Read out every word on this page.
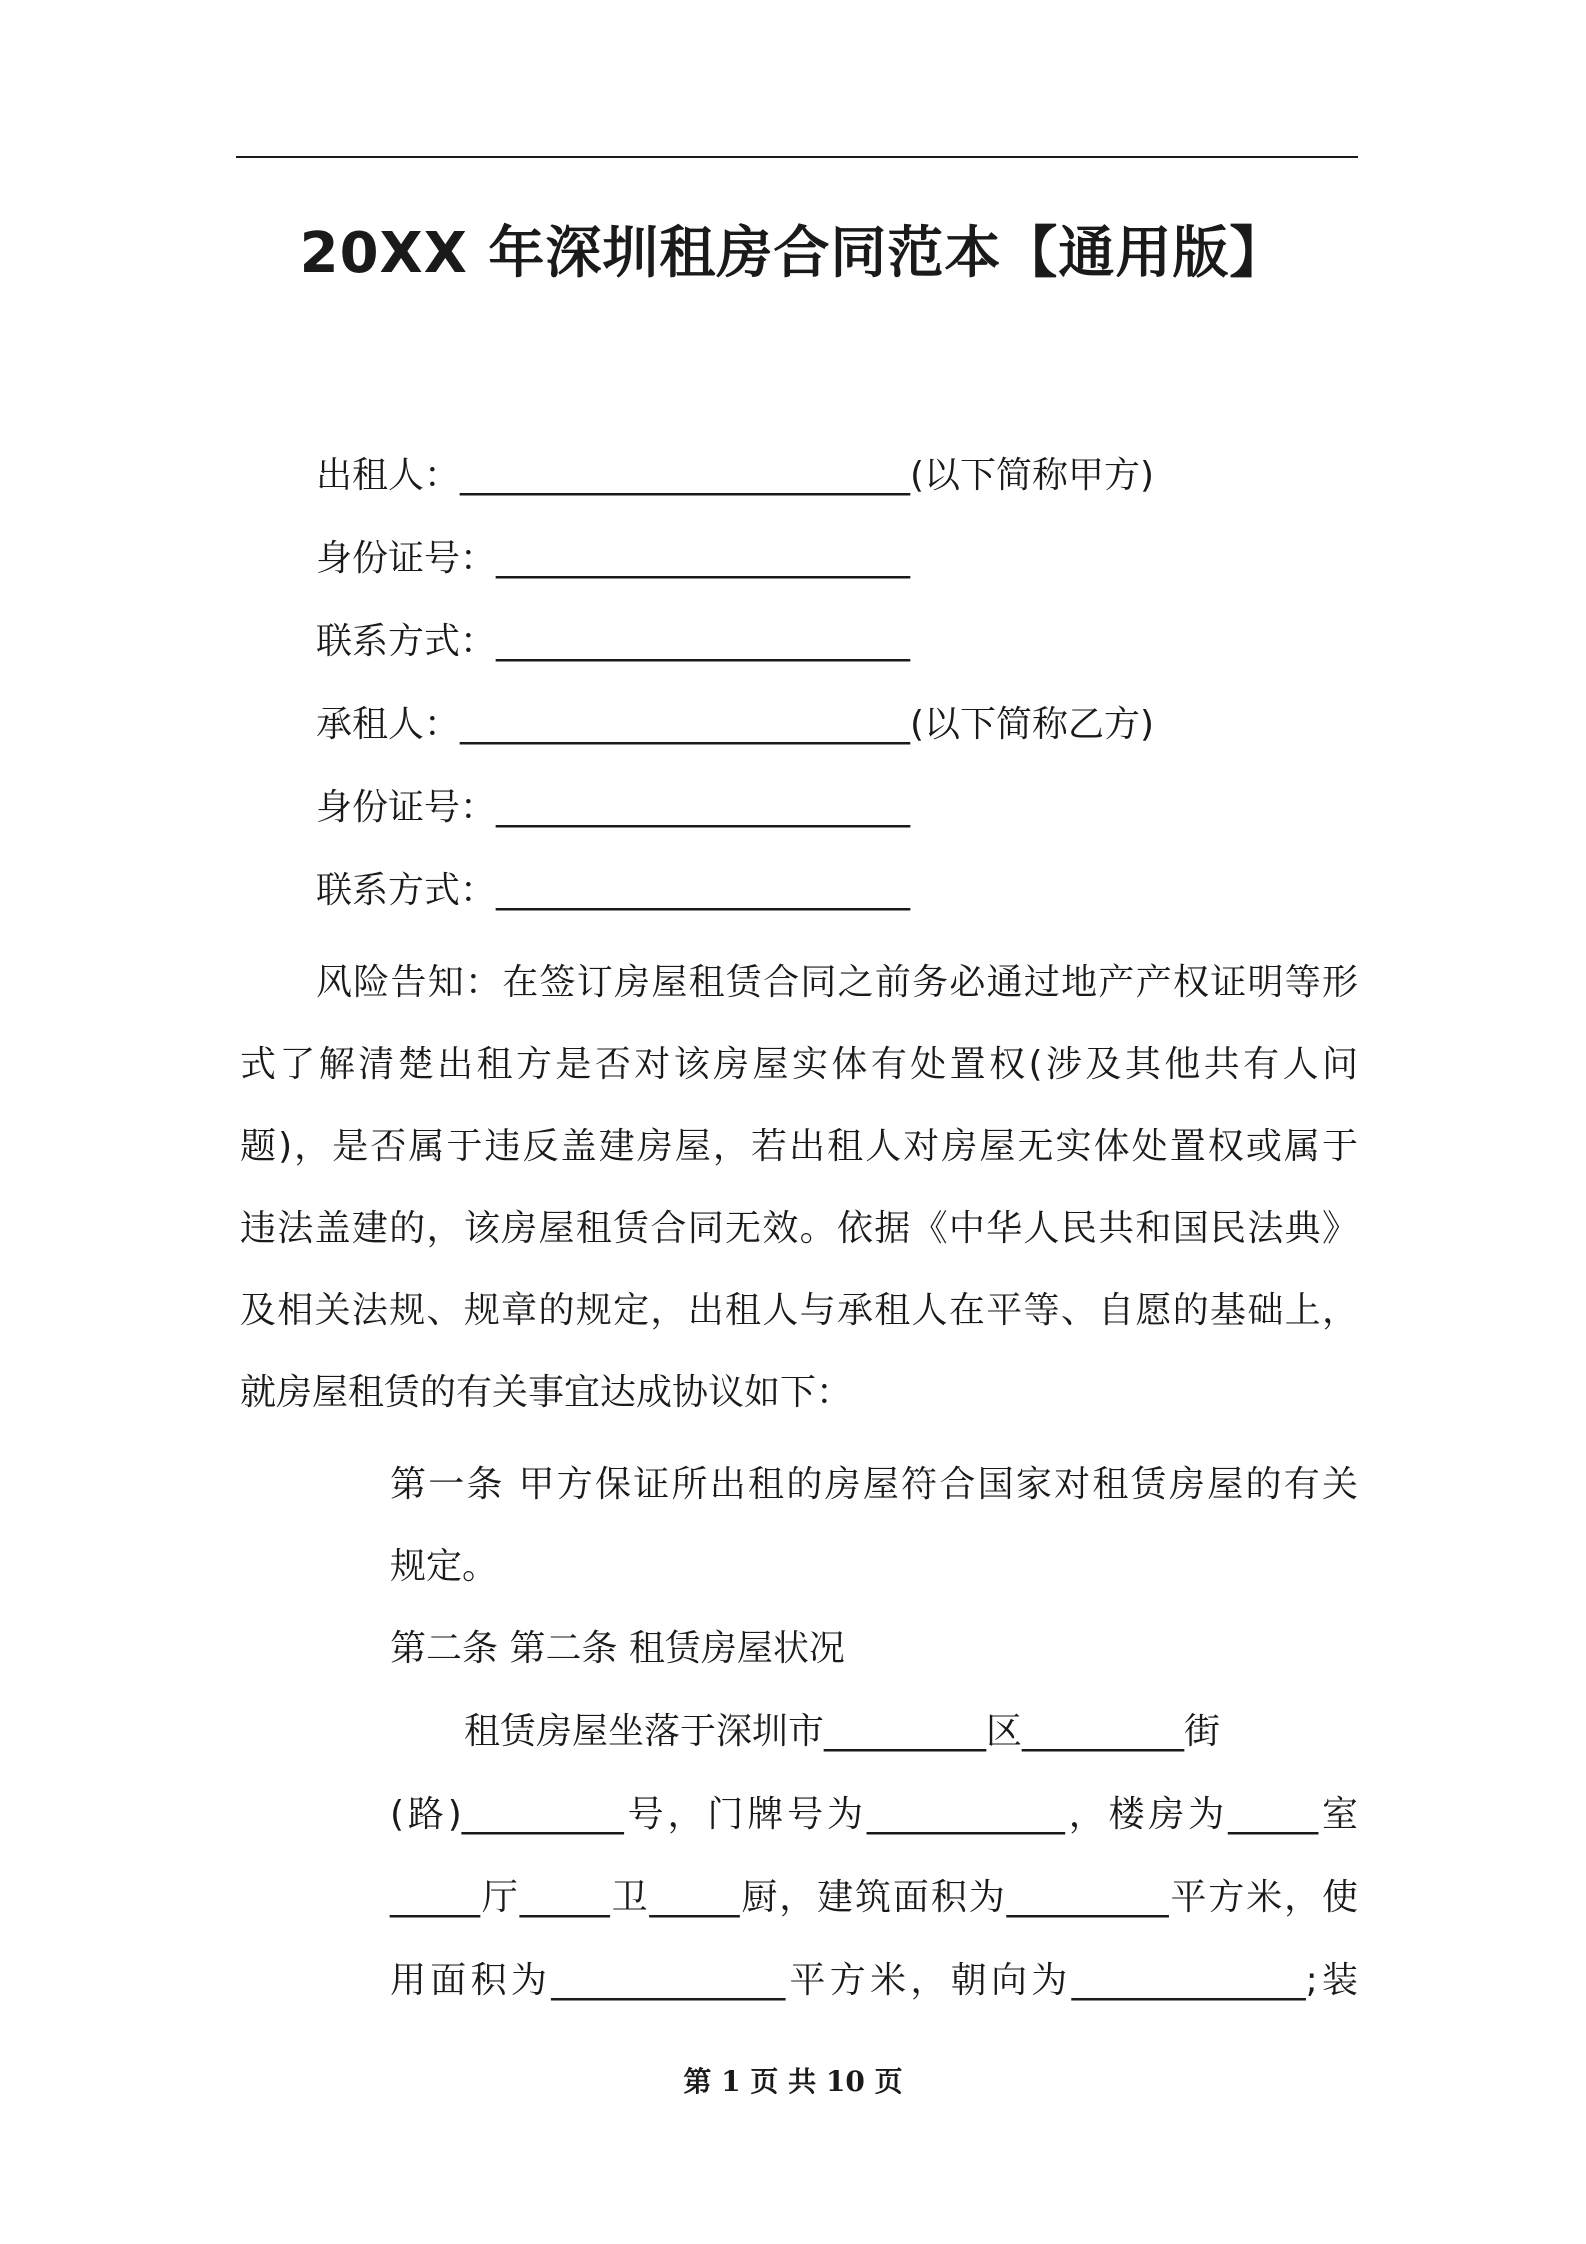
20XX 年深圳租房合同范本【通用版】
出租人：_________________________(以下简称甲方)
身份证号：_______________________
联系方式：_______________________
承租人：_________________________(以下简称乙方)
身份证号：_______________________
联系方式：_______________________
风险告知：在签订房屋租赁合同之前务必通过地产产权证明等形
式了解清楚出租方是否对该房屋实体有处置权(涉及其他共有人问
题)，是否属于违反盖建房屋，若出租人对房屋无实体处置权或属于
违法盖建的，该房屋租赁合同无效。依据《中华人民共和国民法典》
及相关法规、规章的规定，出租人与承租人在平等、自愿的基础上，
就房屋租赁的有关事宜达成协议如下：
第一条 甲方保证所出租的房屋符合国家对租赁房屋的有关
规定。
第二条 第二条 租赁房屋状况
租赁房屋坐落于深圳市_________区_________街
(路)_________号，门牌号为___________，楼房为_____室
_____厅_____卫_____厨，建筑面积为_________平方米，使
用面积为_____________平方米，朝向为_____________;装
第 1 页 共 10 页
